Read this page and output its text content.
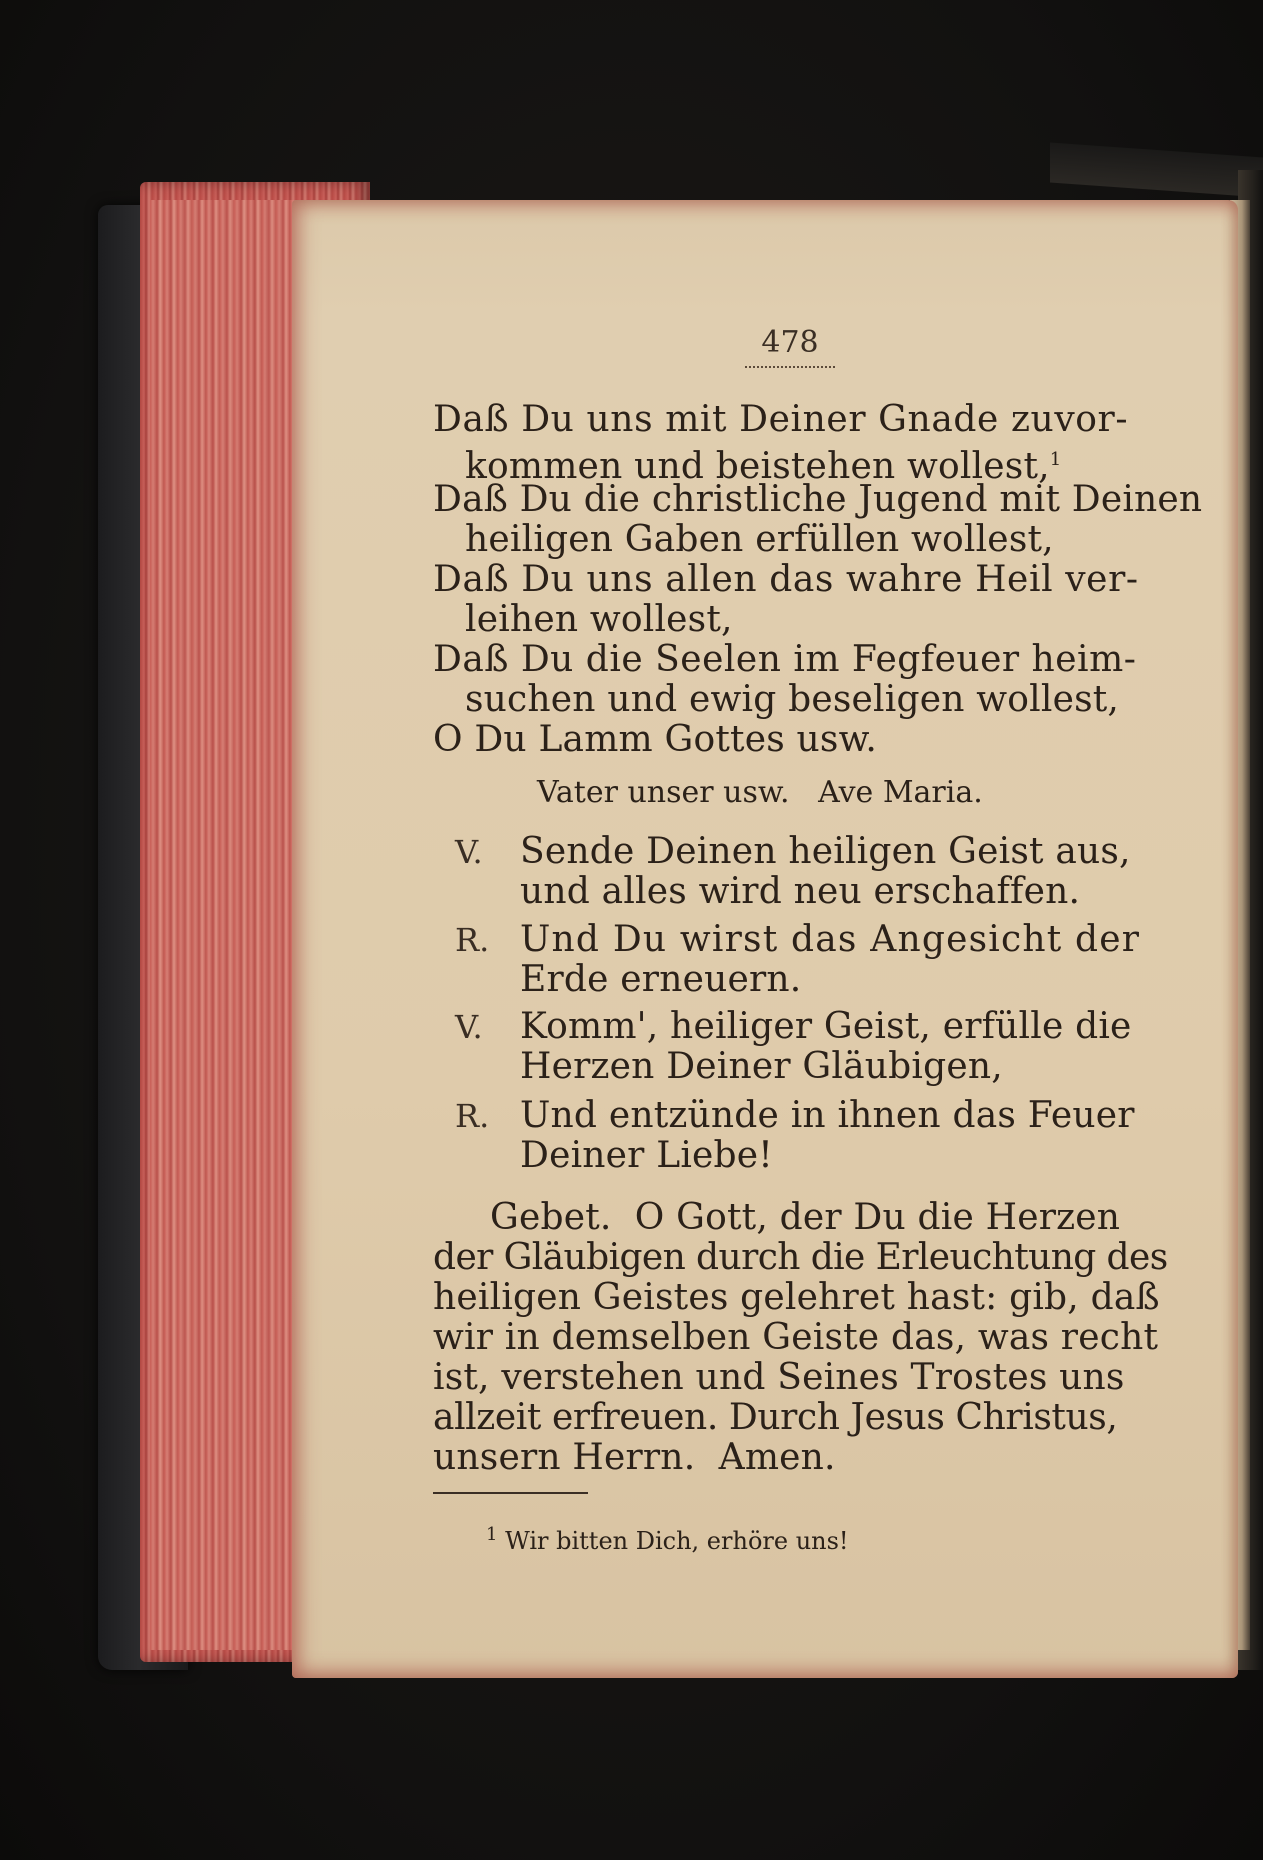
478
Daß Du uns mit Deiner Gnade zuvor-
kommen und beistehen wollest,$^1$
Daß Du die christliche Jugend mit Deinen
heiligen Gaben erfüllen wollest,
Daß Du uns allen das wahre Heil ver-
leihen wollest,
Daß Du die Seelen im Fegfeuer heim-
suchen und ewig beseligen wollest,
O Du Lamm Gottes usw.
Vater unser usw.   Ave Maria.
V. Sende Deinen heiligen Geist aus,
und alles wird neu erschaffen.
R. Und Du wirst das Angesicht der
Erde erneuern.
V. Komm', heiliger Geist, erfülle die
Herzen Deiner Gläubigen,
R. Und entzünde in ihnen das Feuer
Deiner Liebe!
Gebet.  O Gott, der Du die Herzen
der Gläubigen durch die Erleuchtung des
heiligen Geistes gelehret hast: gib, daß
wir in demselben Geiste das, was recht
ist, verstehen und Seines Trostes uns
allzeit erfreuen. Durch Jesus Christus,
unsern Herrn.  Amen.
$^1$ Wir bitten Dich, erhöre uns!
